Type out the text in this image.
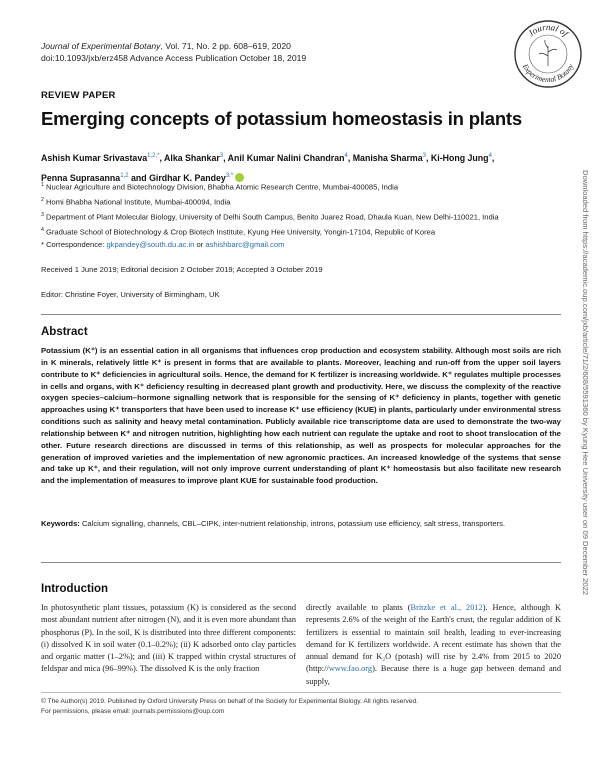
Journal of Experimental Botany, Vol. 71, No. 2 pp. 608–619, 2020
doi:10.1093/jxb/erz458 Advance Access Publication October 18, 2019
Journal of
Experimental Botany
REVIEW PAPER
Emerging concepts of potassium homeostasis in plants
Ashish Kumar Srivastava$^{1,2,*}$, Alka Shankar$^3$, Anil Kumar Nalini Chandran$^4$, Manisha Sharma$^3$, Ki-Hong Jung$^4$,
Penna Suprasanna$^{1,2}$ and Girdhar K. Pandey$^{3,*}$
$^1$ Nuclear Agriculture and Biotechnology Division, Bhabha Atomic Research Centre, Mumbai-400085, India
$^2$ Homi Bhabha National Institute, Mumbai-400094, India
$^3$ Department of Plant Molecular Biology, University of Delhi South Campus, Benito Juarez Road, Dhaula Kuan, New Delhi-110021, India
$^4$ Graduate School of Biotechnology & Crop Biotech Institute, Kyung Hee University, Yongin-17104, Republic of Korea
* Correspondence: gkpandey@south.du.ac.in or ashishbarc@gmail.com
Received 1 June 2019; Editorial decision 2 October 2019; Accepted 3 October 2019
Editor: Christine Foyer, University of Birmingham, UK
Abstract
Potassium (K⁺) is an essential cation in all organisms that influences crop production and ecosystem stability. Although most soils are rich in K minerals, relatively little K⁺ is present in forms that are available to plants. Moreover, leaching and run-off from the upper soil layers contribute to K⁺ deficiencies in agricultural soils. Hence, the demand for K fertilizer is increasing worldwide. K⁺ regulates multiple processes in cells and organs, with K⁺ deficiency resulting in decreased plant growth and productivity. Here, we discuss the complexity of the reactive oxygen species–calcium–hormone signalling network that is responsible for the sensing of K⁺ deficiency in plants, together with genetic approaches using K⁺ transporters that have been used to increase K⁺ use efficiency (KUE) in plants, particularly under environmental stress conditions such as salinity and heavy metal contamination. Publicly available rice transcriptome data are used to demonstrate the two-way relationship between K⁺ and nitrogen nutrition, highlighting how each nutrient can regulate the uptake and root to shoot translocation of the other. Future research directions are discussed in terms of this relationship, as well as prospects for molecular approaches for the generation of improved varieties and the implementation of new agronomic practices. An increased knowledge of the systems that sense and take up K⁺, and their regulation, will not only improve current understanding of plant K⁺ homeostasis but also facilitate new research and the implementation of measures to improve plant KUE for sustainable food production.
Keywords: Calcium signalling, channels, CBL–CIPK, inter-nutrient relationship, introns, potassium use efficiency, salt stress, transporters.
Introduction
In photosynthetic plant tissues, potassium (K) is considered as the second most abundant nutrient after nitrogen (N), and it is even more abundant than phosphorus (P). In the soil, K is distributed into three different components: (i) dissolved K in soil water (0.1–0.2%); (ii) K adsorbed onto clay particles and organic matter (1–2%); and (iii) K trapped within crystal structures of feldspar and mica (96–99%). The dissolved K is the only fraction
directly available to plants (Britzke et al., 2012). Hence, although K represents 2.6% of the weight of the Earth's crust, the regular addition of K fertilizers is essential to maintain soil health, leading to ever-increasing demand for K fertilizers worldwide. A recent estimate has shown that the annual demand for K₂O (potash) will rise by 2.4% from 2015 to 2020 (http://www.fao.org). Because there is a huge gap between demand and supply,
© The Author(s) 2019. Published by Oxford University Press on behalf of the Society for Experimental Biology. All rights reserved.
For permissions, please email: journals.permissions@oup.com
Downloaded from https://academic.oup.com/jxb/article/71/2/608/5591360 by Kyung Hee University user on 09 December 2022
